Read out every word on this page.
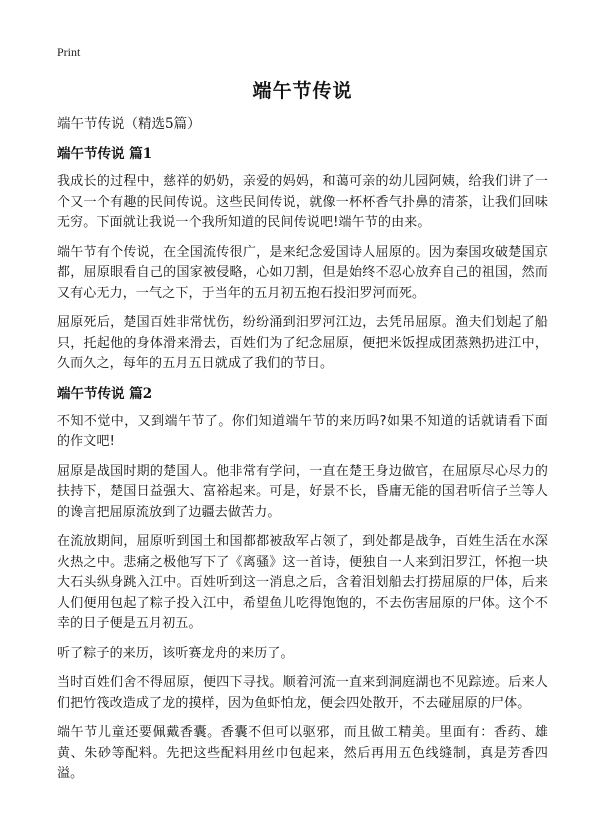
Print
端午节传说
端午节传说（精选5篇）
端午节传说 篇1

我成长的过程中，慈祥的奶奶，亲爱的妈妈，和蔼可亲的幼儿园阿姨，给我们讲了一个又一个有趣的民间传说。这些民间传说，就像一杯杯香气扑鼻的清茶，让我们回味无穷。下面就让我说一个我所知道的民间传说吧!端午节的由来。

端午节有个传说，在全国流传很广，是来纪念爱国诗人屈原的。因为秦国攻破楚国京都，屈原眼看自己的国家被侵略，心如刀割，但是始终不忍心放弃自己的祖国，然而又有心无力，一气之下，于当年的五月初五抱石投汨罗河而死。

屈原死后，楚国百姓非常忧伤，纷纷涌到汨罗河江边，去凭吊屈原。渔夫们划起了船只，托起他的身体滑来滑去，百姓们为了纪念屈原，便把米饭捏成团蒸熟扔进江中，久而久之，每年的五月五日就成了我们的节日。

端午节传说 篇2

不知不觉中，又到端午节了。你们知道端午节的来历吗?如果不知道的话就请看下面的作文吧!

屈原是战国时期的楚国人。他非常有学问，一直在楚王身边做官，在屈原尽心尽力的扶持下，楚国日益强大、富裕起来。可是，好景不长，昏庸无能的国君听信子兰等人的谗言把屈原流放到了边疆去做苦力。

在流放期间，屈原听到国土和国都都被敌军占领了，到处都是战争，百姓生活在水深火热之中。悲痛之极他写下了《离骚》这一首诗，便独自一人来到汨罗江，怀抱一块大石头纵身跳入江中。百姓听到这一消息之后，含着泪划船去打捞屈原的尸体，后来人们便用包起了粽子投入江中，希望鱼儿吃得饱饱的，不去伤害屈原的尸体。这个不幸的日子便是五月初五。

听了粽子的来历，该听赛龙舟的来历了。

当时百姓们舍不得屈原，便四下寻找。顺着河流一直来到洞庭湖也不见踪迹。后来人们把竹筏改造成了龙的摸样，因为鱼虾怕龙，便会四处散开，不去碰屈原的尸体。

端午节儿童还要佩戴香囊。香囊不但可以驱邪，而且做工精美。里面有：香药、雄黄、朱砂等配料。先把这些配料用丝巾包起来，然后再用五色线缝制，真是芳香四溢。
